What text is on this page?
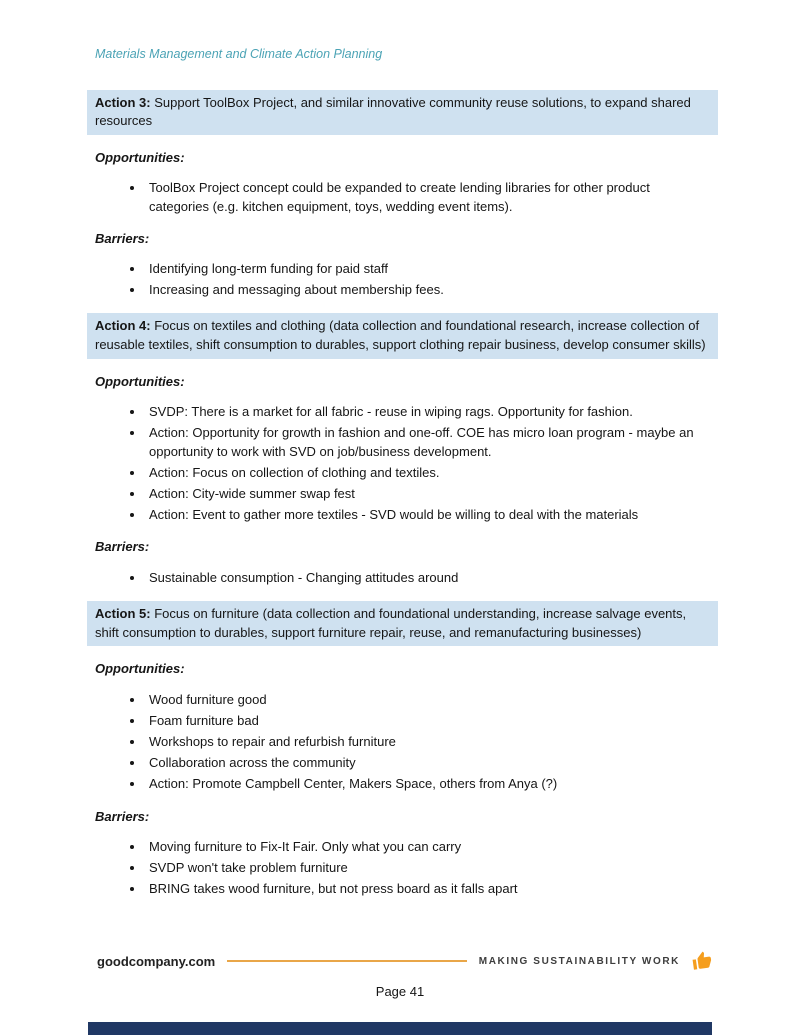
Materials Management and Climate Action Planning

Action 3: Support ToolBox Project, and similar innovative community reuse solutions, to expand shared resources

Opportunities:

• ToolBox Project concept could be expanded to create lending libraries for other product categories (e.g. kitchen equipment, toys, wedding event items).

Barriers:

• Identifying long-term funding for paid staff
• Increasing and messaging about membership fees.

Action 4: Focus on textiles and clothing (data collection and foundational research, increase collection of reusable textiles, shift consumption to durables, support clothing repair business, develop consumer skills)

Opportunities:

• SVDP: There is a market for all fabric - reuse in wiping rags. Opportunity for fashion.
• Action: Opportunity for growth in fashion and one-off. COE has micro loan program - maybe an opportunity to work with SVD on job/business development.
• Action: Focus on collection of clothing and textiles.
• Action: City-wide summer swap fest
• Action: Event to gather more textiles - SVD would be willing to deal with the materials

Barriers:

• Sustainable consumption - Changing attitudes around

Action 5: Focus on furniture (data collection and foundational understanding, increase salvage events, shift consumption to durables, support furniture repair, reuse, and remanufacturing businesses)

Opportunities:

• Wood furniture good
• Foam furniture bad
• Workshops to repair and refurbish furniture
• Collaboration across the community
• Action: Promote Campbell Center, Makers Space, others from Anya (?)

Barriers:

• Moving furniture to Fix-It Fair. Only what you can carry
• SVDP won't take problem furniture
• BRING takes wood furniture, but not press board as it falls apart
goodcompany.com	MAKING SUSTAINABILITY WORK
Page 41
